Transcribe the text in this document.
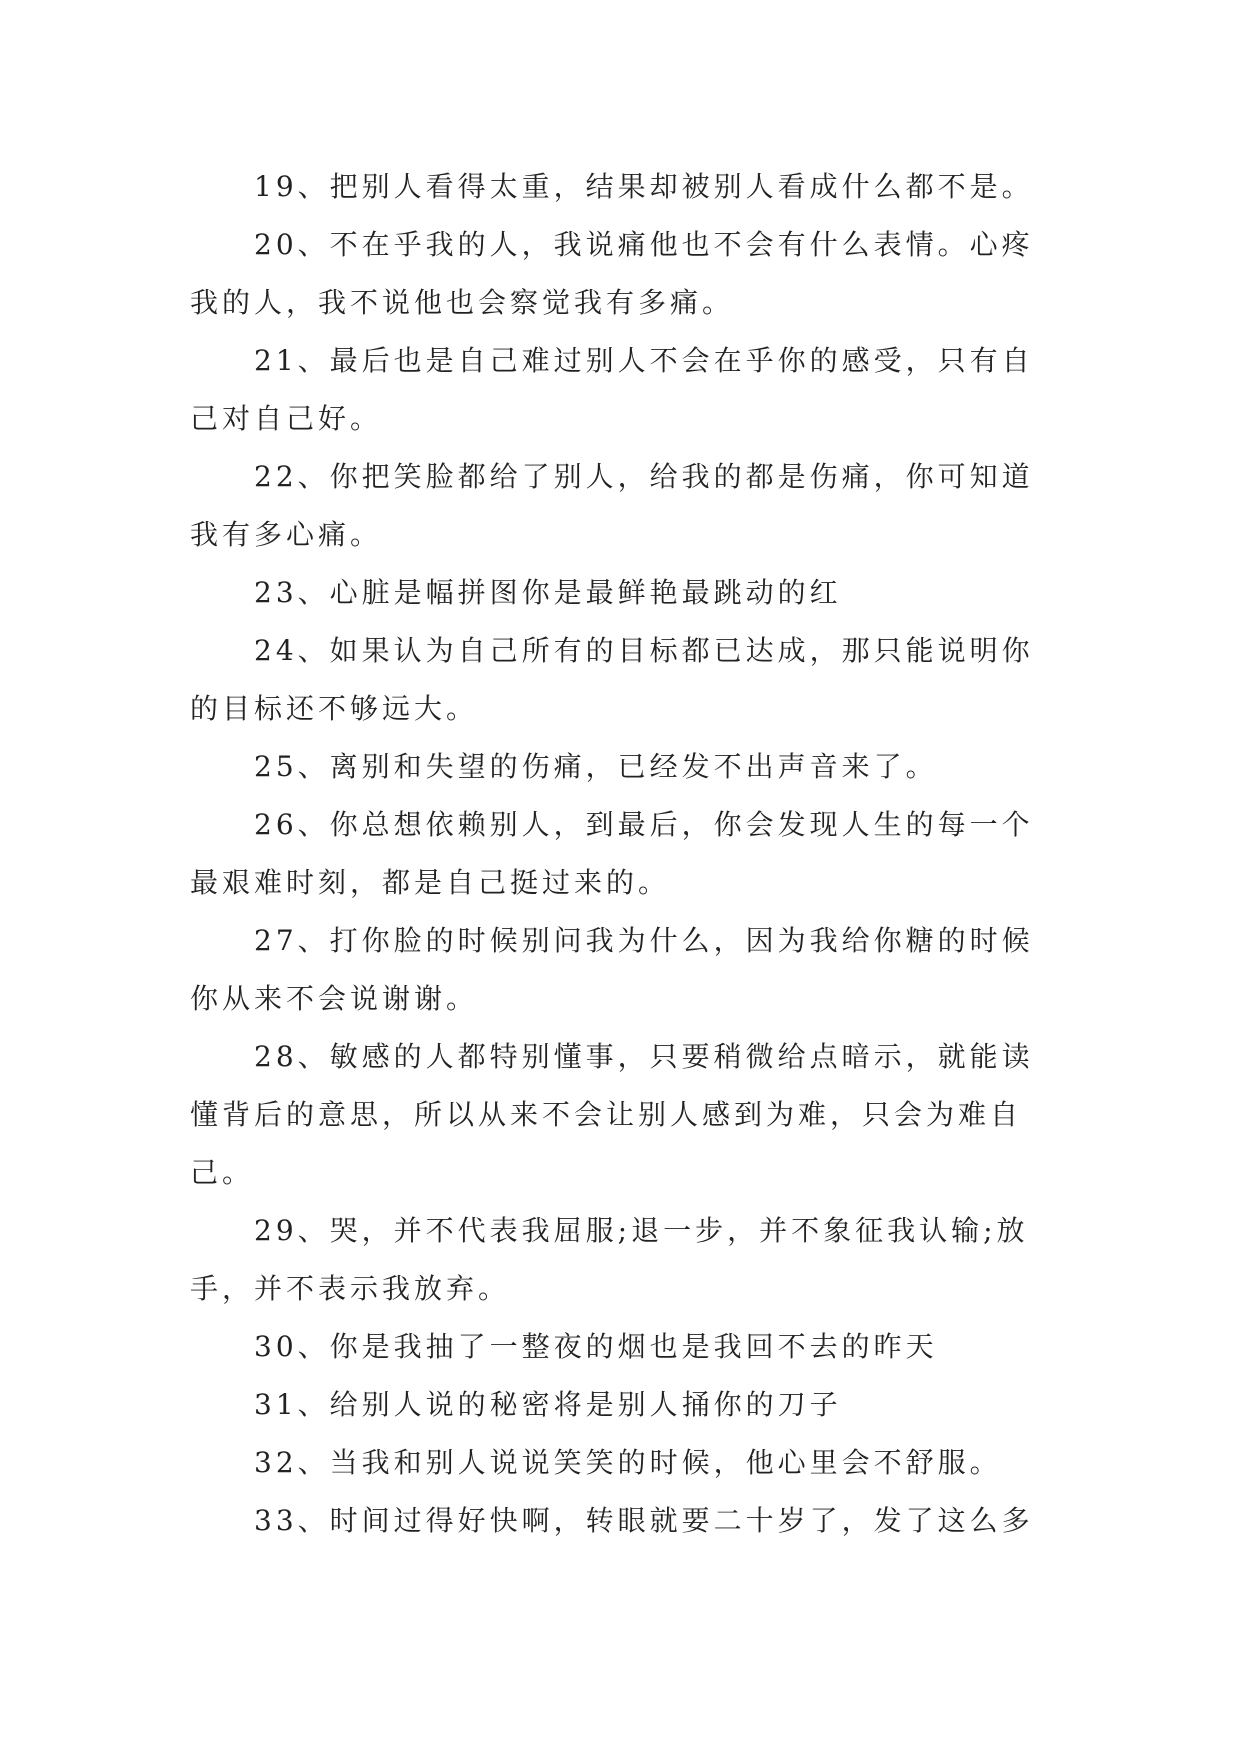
19、把别人看得太重，结果却被别人看成什么都不是。

20、不在乎我的人，我说痛他也不会有什么表情。心疼我的人，我不说他也会察觉我有多痛。

21、最后也是自己难过别人不会在乎你的感受，只有自己对自己好。

22、你把笑脸都给了别人，给我的都是伤痛，你可知道我有多心痛。

23、心脏是幅拼图你是最鲜艳最跳动的红

24、如果认为自己所有的目标都已达成，那只能说明你的目标还不够远大。

25、离别和失望的伤痛，已经发不出声音来了。

26、你总想依赖别人，到最后，你会发现人生的每一个最艰难时刻，都是自己挺过来的。

27、打你脸的时候别问我为什么，因为我给你糖的时候你从来不会说谢谢。

28、敏感的人都特别懂事，只要稍微给点暗示，就能读懂背后的意思，所以从来不会让别人感到为难，只会为难自己。

29、哭，并不代表我屈服;退一步，并不象征我认输;放手，并不表示我放弃。

30、你是我抽了一整夜的烟也是我回不去的昨天

31、给别人说的秘密将是别人捅你的刀子

32、当我和别人说说笑笑的时候，他心里会不舒服。

33、时间过得好快啊，转眼就要二十岁了，发了这么多
